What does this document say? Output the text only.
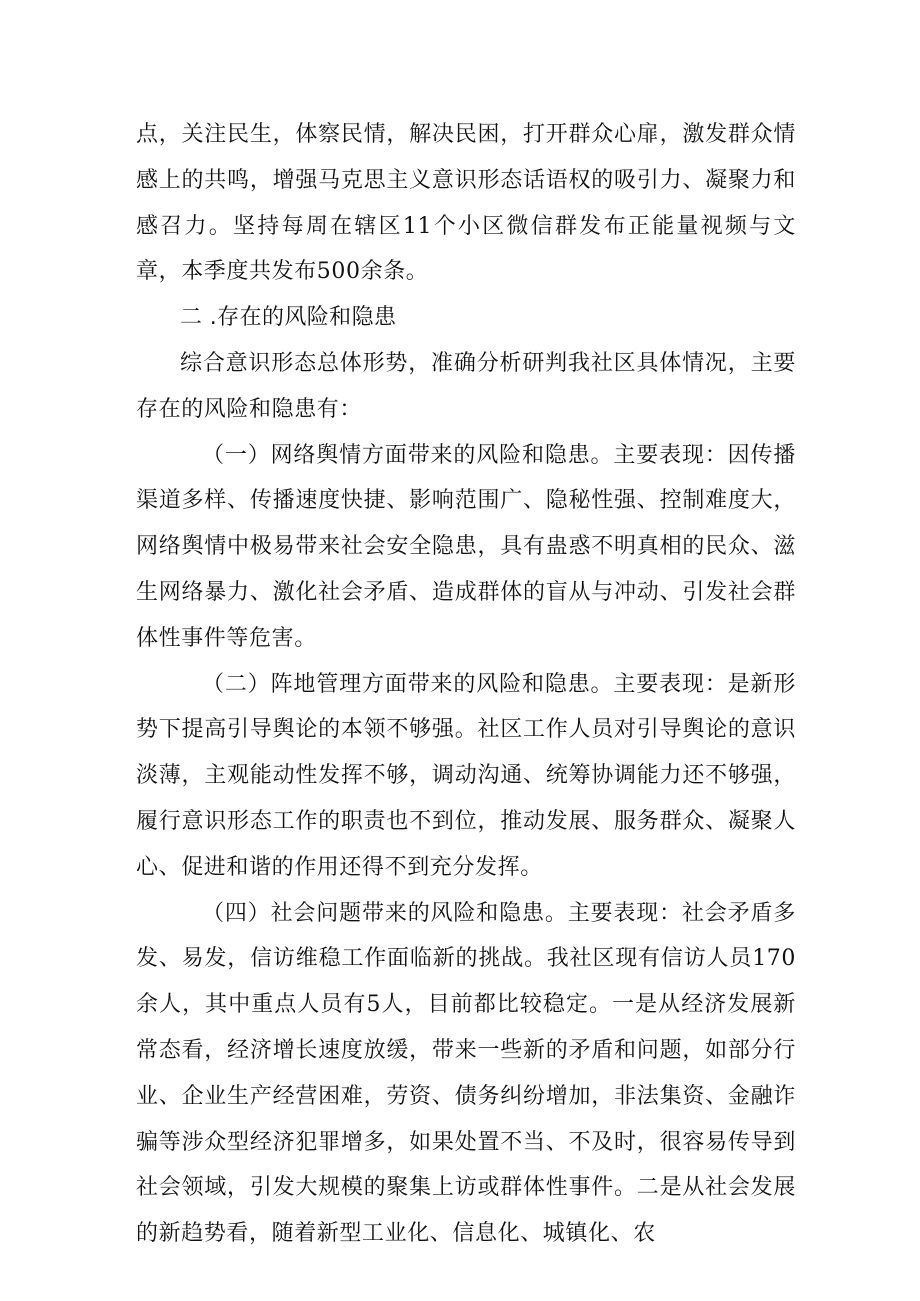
点，关注民生，体察民情，解决民困，打开群众心扉，激发群众情感上的共鸣，增强马克思主义意识形态话语权的吸引力、凝聚力和感召力。坚持每周在辖区11个小区微信群发布正能量视频与文章，本季度共发布500余条。

二 .存在的风险和隐患

综合意识形态总体形势，准确分析研判我社区具体情况，主要存在的风险和隐患有：

（一）网络舆情方面带来的风险和隐患。主要表现：因传播渠道多样、传播速度快捷、影响范围广、隐秘性强、控制难度大，网络舆情中极易带来社会安全隐患，具有蛊惑不明真相的民众、滋生网络暴力、激化社会矛盾、造成群体的盲从与冲动、引发社会群体性事件等危害。

（二）阵地管理方面带来的风险和隐患。主要表现：是新形势下提高引导舆论的本领不够强。社区工作人员对引导舆论的意识淡薄，主观能动性发挥不够，调动沟通、统筹协调能力还不够强，履行意识形态工作的职责也不到位，推动发展、服务群众、凝聚人心、促进和谐的作用还得不到充分发挥。

（四）社会问题带来的风险和隐患。主要表现：社会矛盾多发、易发，信访维稳工作面临新的挑战。我社区现有信访人员170余人，其中重点人员有5人，目前都比较稳定。一是从经济发展新常态看，经济增长速度放缓，带来一些新的矛盾和问题，如部分行业、企业生产经营困难，劳资、债务纠纷增加，非法集资、金融诈骗等涉众型经济犯罪增多，如果处置不当、不及时，很容易传导到社会领域，引发大规模的聚集上访或群体性事件。二是从社会发展的新趋势看，随着新型工业化、信息化、城镇化、农
